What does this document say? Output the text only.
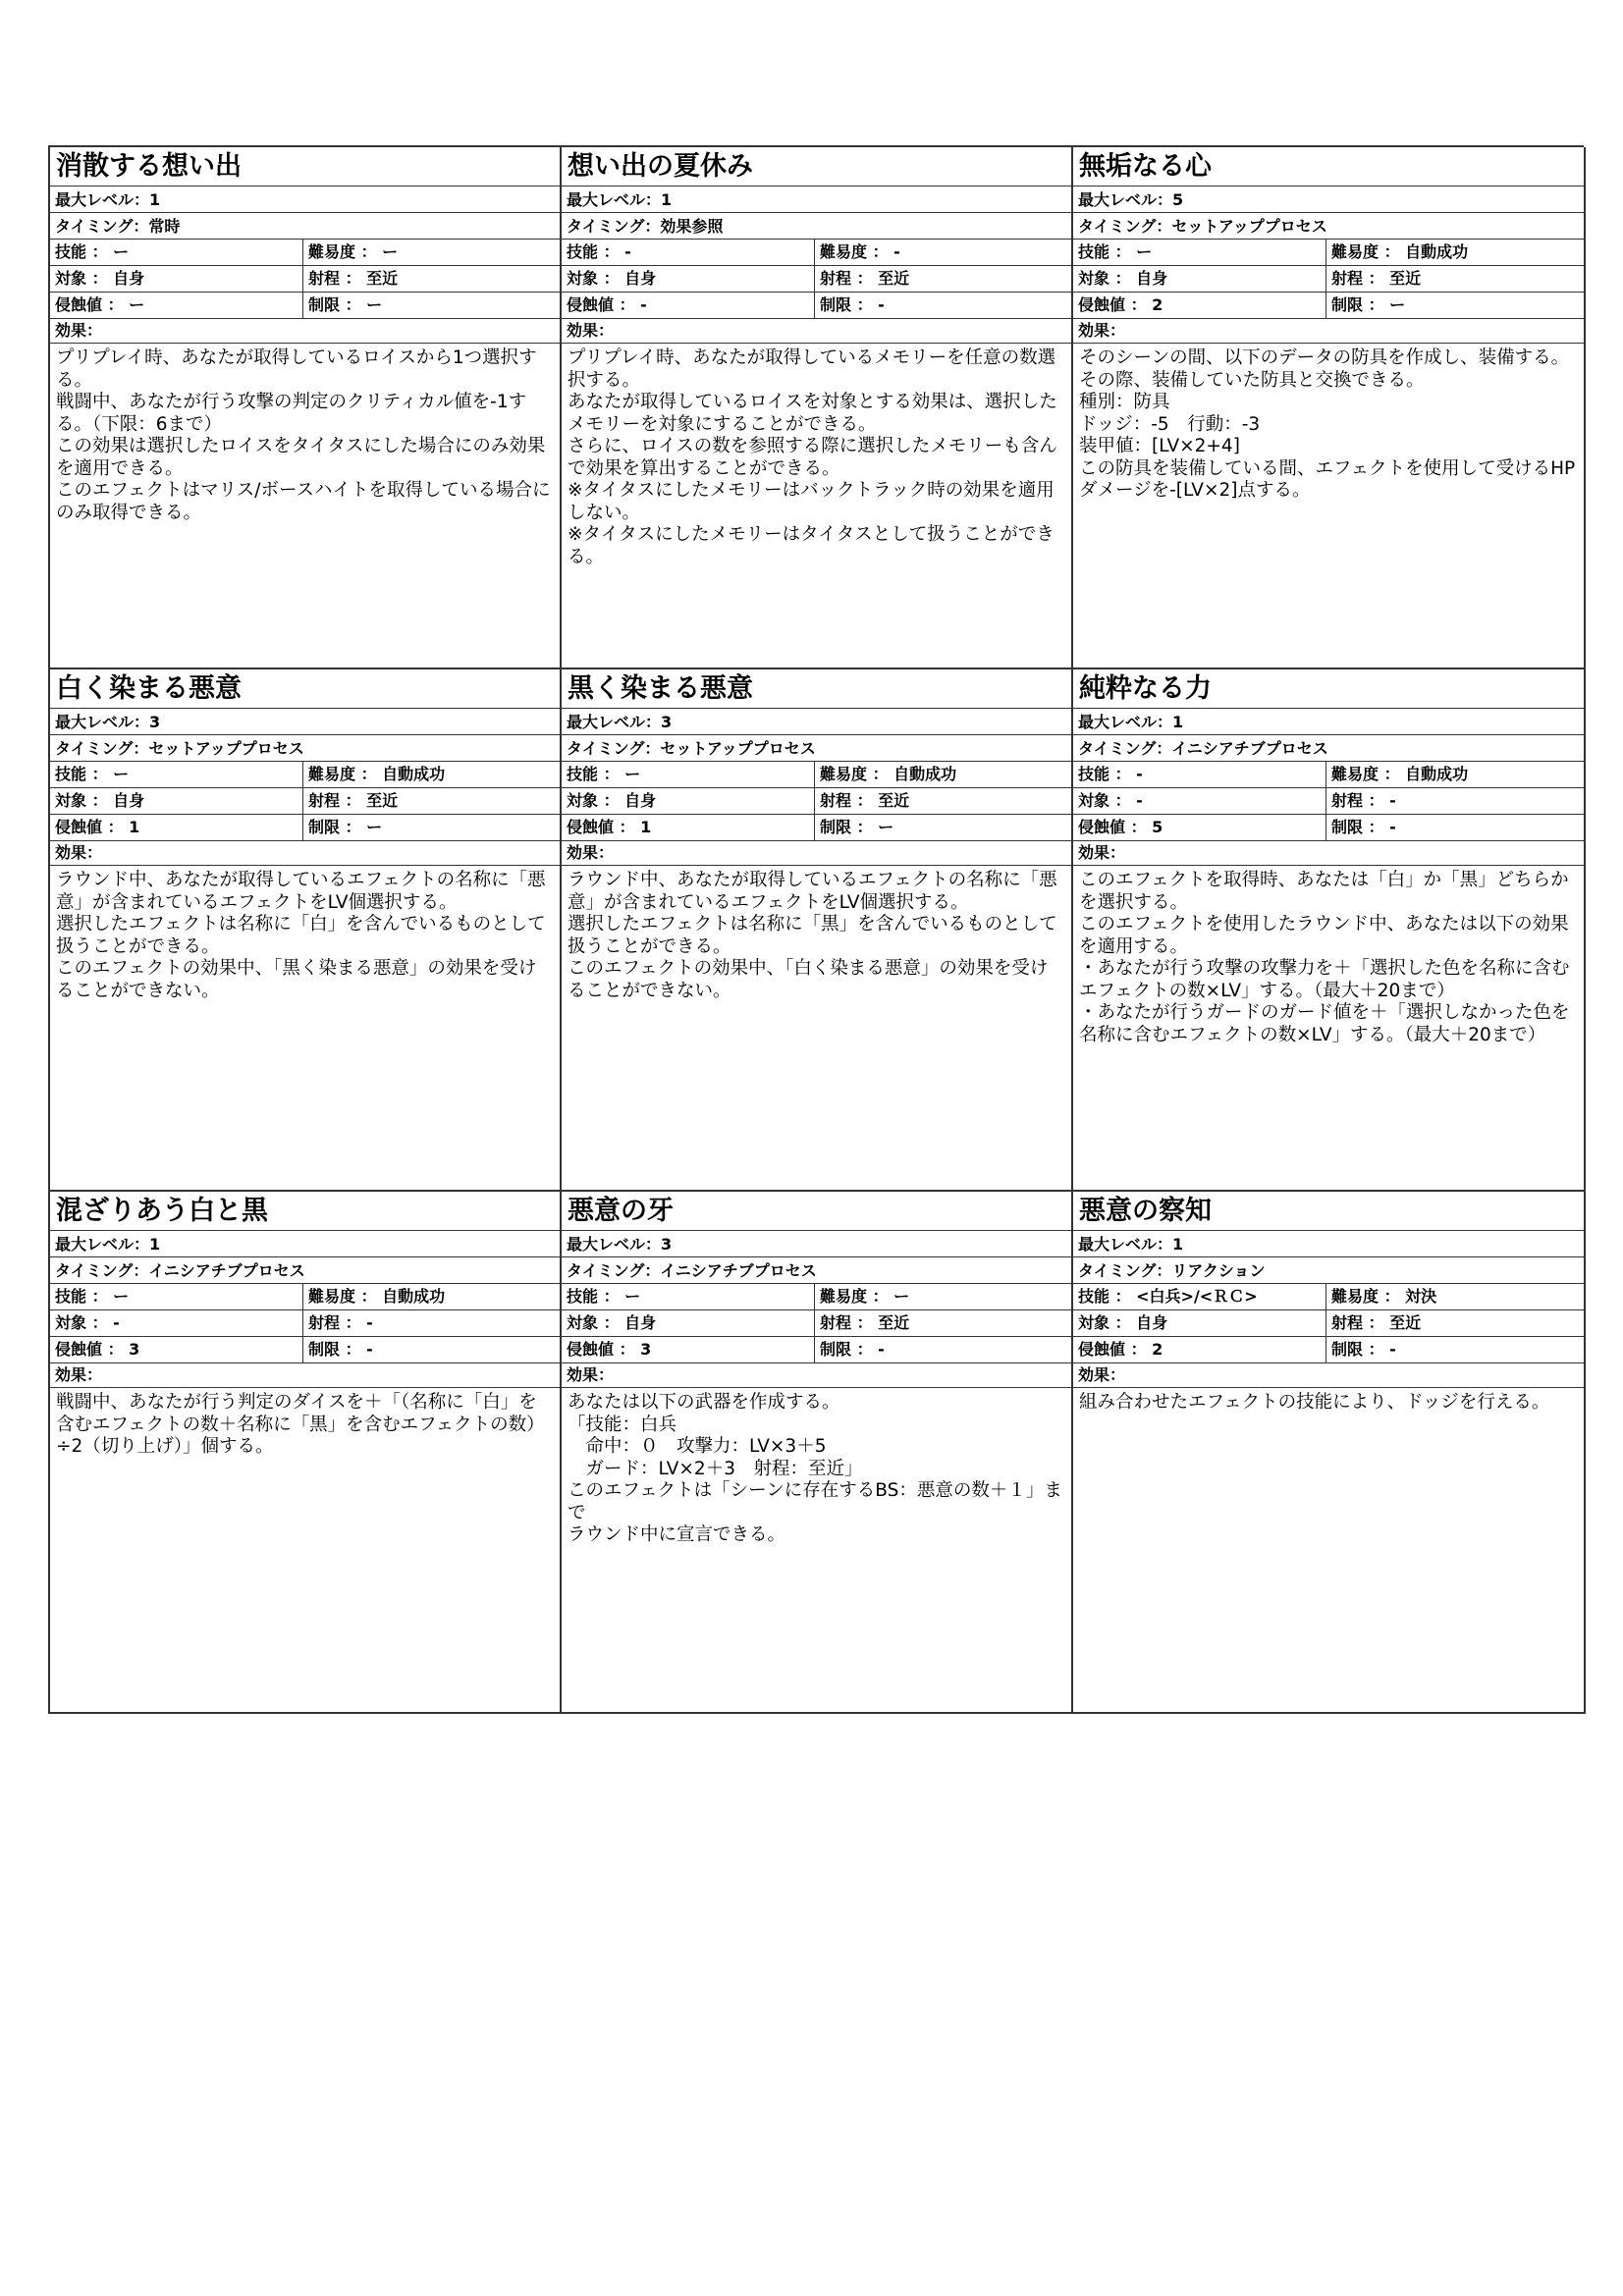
消散する想い出
最大レベル：1
タイミング：常時
技能 ： ー	難易度 ： ー
対象 ： 自身	射程 ： 至近
侵蝕値 ： ー	制限 ： ー
効果：
プリプレイ時、あなたが取得しているロイスから1つ選択する。
戦闘中、あなたが行う攻撃の判定のクリティカル値を-1する。（下限：6まで）
この効果は選択したロイスをタイタスにした場合にのみ効果を適用できる。
このエフェクトはマリス/ボースハイトを取得している場合にのみ取得できる。
想い出の夏休み
最大レベル：1
タイミング：効果参照
技能 ： -	難易度 ： -
対象 ： 自身	射程 ： 至近
侵蝕値 ： -	制限 ： -
効果：
プリプレイ時、あなたが取得しているメモリーを任意の数選択する。
あなたが取得しているロイスを対象とする効果は、選択したメモリーを対象にすることができる。
さらに、ロイスの数を参照する際に選択したメモリーも含んで効果を算出することができる。
※タイタスにしたメモリーはバックトラック時の効果を適用しない。
※タイタスにしたメモリーはタイタスとして扱うことができる。
無垢なる心
最大レベル：5
タイミング：セットアッププロセス
技能 ： ー	難易度 ： 自動成功
対象 ： 自身	射程 ： 至近
侵蝕値 ： 2	制限 ： ー
効果：
そのシーンの間、以下のデータの防具を作成し、装備する。その際、装備していた防具と交換できる。
種別：防具
ドッジ：-5　行動：-3
装甲値：[LV×2+4]
この防具を装備している間、エフェクトを使用して受けるHPダメージを-[LV×2]点する。
白く染まる悪意
最大レベル：3
タイミング：セットアッププロセス
技能 ： ー	難易度 ： 自動成功
対象 ： 自身	射程 ： 至近
侵蝕値 ： 1	制限 ： ー
効果：
ラウンド中、あなたが取得しているエフェクトの名称に「悪意」が含まれているエフェクトをLV個選択する。
選択したエフェクトは名称に「白」を含んでいるものとして扱うことができる。
このエフェクトの効果中、「黒く染まる悪意」の効果を受けることができない。
黒く染まる悪意
最大レベル：3
タイミング：セットアッププロセス
技能 ： ー	難易度 ： 自動成功
対象 ： 自身	射程 ： 至近
侵蝕値 ： 1	制限 ： ー
効果：
ラウンド中、あなたが取得しているエフェクトの名称に「悪意」が含まれているエフェクトをLV個選択する。
選択したエフェクトは名称に「黒」を含んでいるものとして扱うことができる。
このエフェクトの効果中、「白く染まる悪意」の効果を受けることができない。
純粋なる力
最大レベル：1
タイミング：イニシアチブプロセス
技能 ： -	難易度 ： 自動成功
対象 ： -	射程 ： -
侵蝕値 ： 5	制限 ： -
効果：
このエフェクトを取得時、あなたは「白」か「黒」どちらかを選択する。
このエフェクトを使用したラウンド中、あなたは以下の効果を適用する。
・あなたが行う攻撃の攻撃力を＋「選択した色を名称に含むエフェクトの数×LV」する。（最大＋20まで）
・あなたが行うガードのガード値を＋「選択しなかった色を名称に含むエフェクトの数×LV」する。（最大＋20まで）
混ざりあう白と黒
最大レベル：1
タイミング：イニシアチブプロセス
技能 ： ー	難易度 ： 自動成功
対象 ： -	射程 ： -
侵蝕値 ： 3	制限 ： -
効果：
戦闘中、あなたが行う判定のダイスを＋「（名称に「白」を含むエフェクトの数＋名称に「黒」を含むエフェクトの数）÷2（切り上げ）」個する。
悪意の牙
最大レベル：3
タイミング：イニシアチブプロセス
技能 ： ー	難易度 ： ー
対象 ： 自身	射程 ： 至近
侵蝕値 ： 3	制限 ： -
効果：
あなたは以下の武器を作成する。
「技能：白兵
　命中：０　攻撃力：LV×3＋5
　ガード：LV×2＋3　射程：至近」
このエフェクトは「シーンに存在するBS：悪意の数＋１」まで
ラウンド中に宣言できる。
悪意の察知
最大レベル：1
タイミング：リアクション
技能 ： <白兵>/<ＲＣ>	難易度 ： 対決
対象 ： 自身	射程 ： 至近
侵蝕値 ： 2	制限 ： -
効果：
組み合わせたエフェクトの技能により、ドッジを行える。
